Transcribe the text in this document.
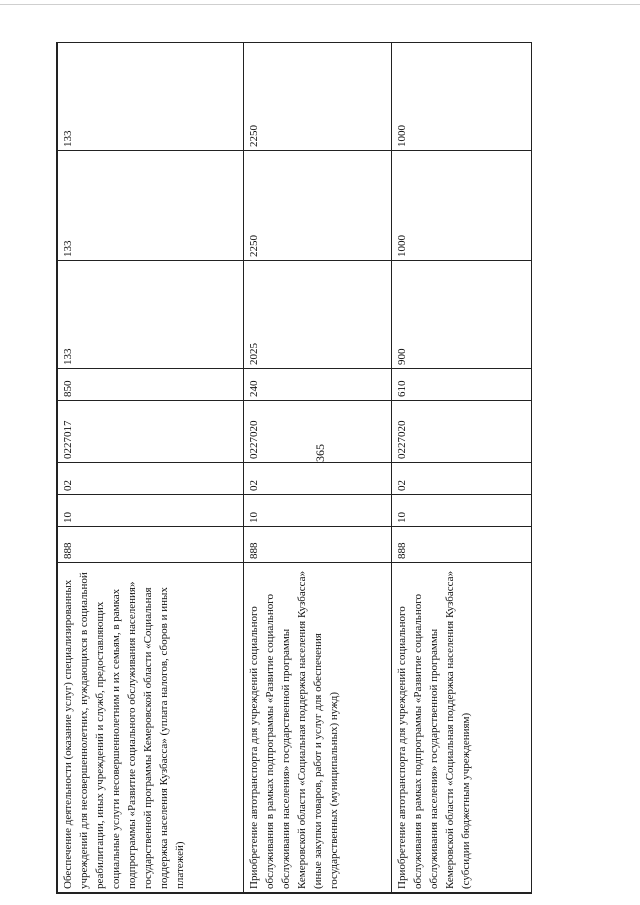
365
Обеспечение деятельности (оказание услуг) специализированных учреждений для несовершеннолетних, нуждающихся в социальной реабилитации, иных учреждений и служб, предоставляющих социальные услуги несовершеннолетним и их семьям, в рамках подпрограммы «Развитие социального обслуживания населения» государственной программы Кемеровской области «Социальная поддержка населения Кузбасса» (уплата налогов, сборов и иных платежей)	888	10	02	0227017	850	133	133	133
Приобретение автотранспорта для учреждений социального обслуживания в рамках подпрограммы «Развитие социального обслуживания населения» государственной программы Кемеровской области «Социальная поддержка населения Кузбасса» (иные закупки товаров, работ и услуг для обеспечения государственных (муниципальных) нужд)	888	10	02	0227020	240	2025	2250	2250
Приобретение автотранспорта для учреждений социального обслуживания в рамках подпрограммы «Развитие социального обслуживания населения» государственной программы Кемеровской области «Социальная поддержка населения Кузбасса» (субсидии бюджетным учреждениям)	888	10	02	0227020	610	900	1000	1000
